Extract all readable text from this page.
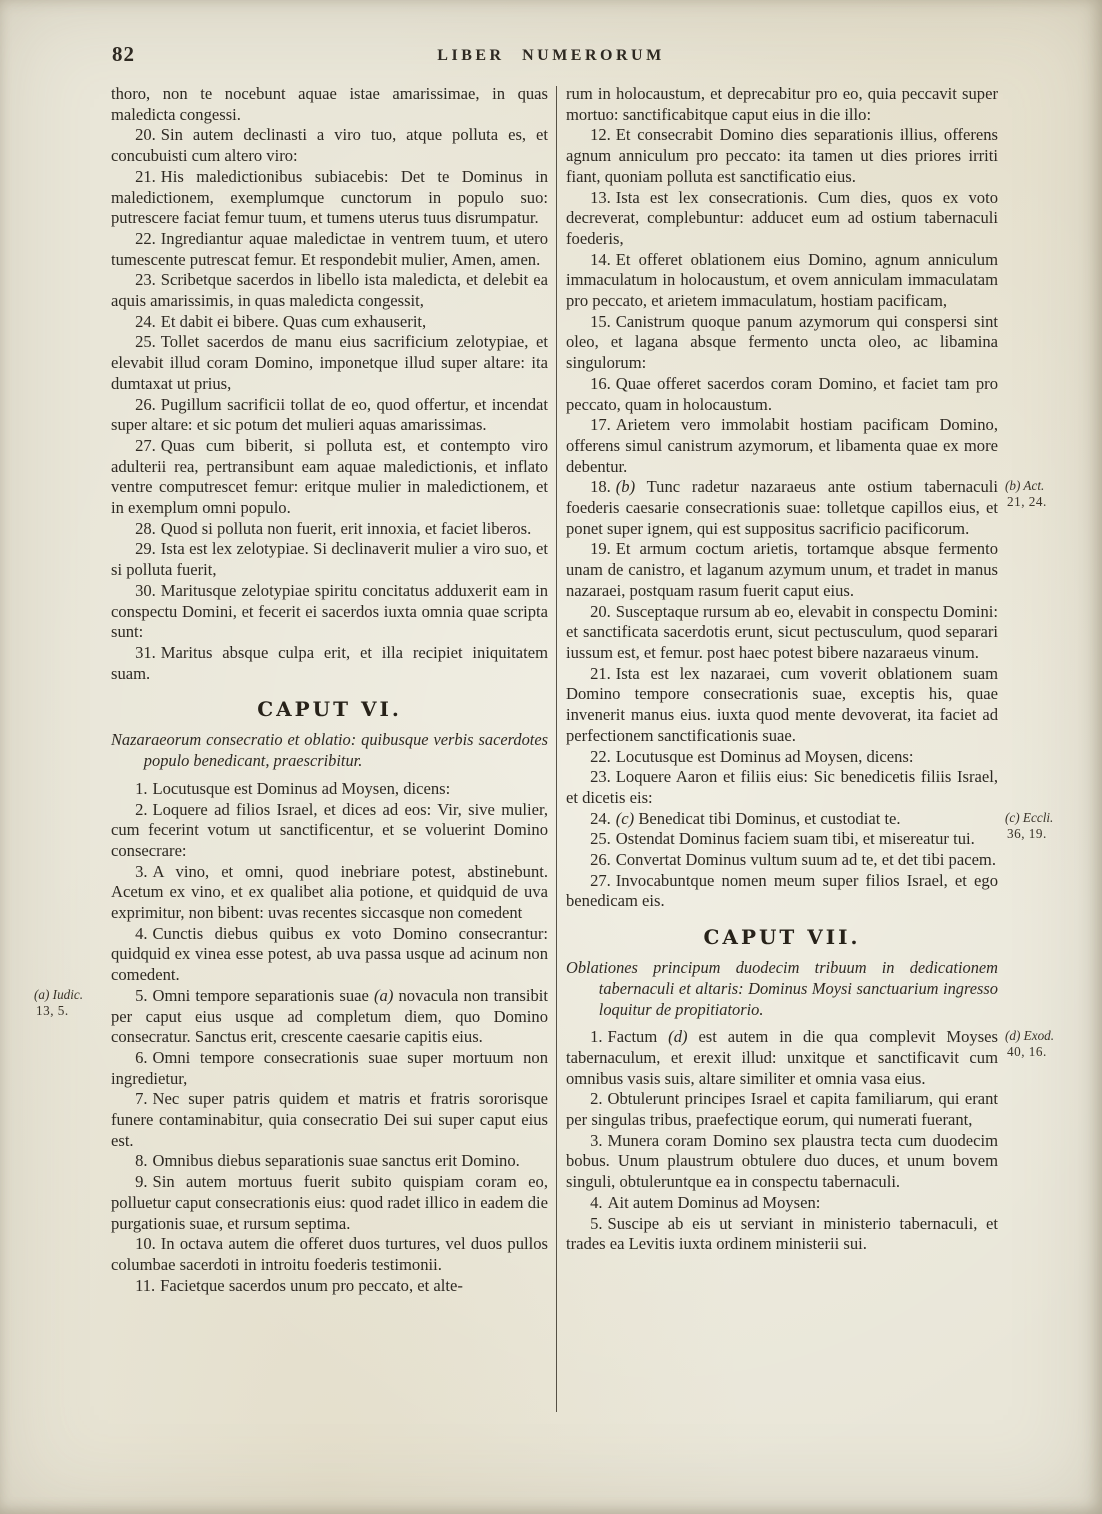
82	LIBER NUMERORUM

thoro, non te nocebunt aquae istae amarissimae, in quas maledicta congessi.

20. Sin autem declinasti a viro tuo, atque polluta es, et concubuisti cum altero viro:

21. His maledictionibus subiacebis: Det te Dominus in maledictionem, exemplumque cunctorum in populo suo: putrescere faciat femur tuum, et tumens uterus tuus disrumpatur.

22. Ingrediantur aquae maledictae in ventrem tuum, et utero tumescente putrescat femur. Et respondebit mulier, Amen, amen.

23. Scribetque sacerdos in libello ista maledicta, et delebit ea aquis amarissimis, in quas maledicta congessit,

24. Et dabit ei bibere. Quas cum exhauserit,

25. Tollet sacerdos de manu eius sacrificium zelotypiae, et elevabit illud coram Domino, imponetque illud super altare: ita dumtaxat ut prius,

26. Pugillum sacrificii tollat de eo, quod offertur, et incendat super altare: et sic potum det mulieri aquas amarissimas.

27. Quas cum biberit, si polluta est, et contempto viro adulterii rea, pertransibunt eam aquae maledictionis, et inflato ventre computrescet femur: eritque mulier in maledictionem, et in exemplum omni populo.

28. Quod si polluta non fuerit, erit innoxia, et faciet liberos.

29. Ista est lex zelotypiae. Si declinaverit mulier a viro suo, et si polluta fuerit,

30. Maritusque zelotypiae spiritu concitatus adduxerit eam in conspectu Domini, et fecerit ei sacerdos iuxta omnia quae scripta sunt:

31. Maritus absque culpa erit, et illa recipiet iniquitatem suam.

CAPUT VI.

Nazaraeorum consecratio et oblatio: quibusque verbis sacerdotes populo benedicant, praescribitur.

1. Locutusque est Dominus ad Moysen, dicens:

2. Loquere ad filios Israel, et dices ad eos: Vir, sive mulier, cum fecerint votum ut sanctificentur, et se voluerint Domino consecrare:

3. A vino, et omni, quod inebriare potest, abstinebunt. Acetum ex vino, et ex qualibet alia potione, et quidquid de uva exprimitur, non bibent: uvas recentes siccasque non comedent

4. Cunctis diebus quibus ex voto Domino consecrantur: quidquid ex vinea esse potest, ab uva passa usque ad acinum non comedent.

5. Omni tempore separationis suae (a) novacula non transibit per caput eius usque ad completum diem, quo Domino consecratur. Sanctus erit, crescente caesarie capitis eius.
(a) Iudic.
13, 5.

6. Omni tempore consecrationis suae super mortuum non ingredietur,

7. Nec super patris quidem et matris et fratris sororisque funere contaminabitur, quia consecratio Dei sui super caput eius est.

8. Omnibus diebus separationis suae sanctus erit Domino.

9. Sin autem mortuus fuerit subito quispiam coram eo, polluetur caput consecrationis eius: quod radet illico in eadem die purgationis suae, et rursum septima.

10. In octava autem die offeret duos turtures, vel duos pullos columbae sacerdoti in introitu foederis testimonii.

11. Facietque sacerdos unum pro peccato, et alte-

rum in holocaustum, et deprecabitur pro eo, quia peccavit super mortuo: sanctificabitque caput eius in die illo:

12. Et consecrabit Domino dies separationis illius, offerens agnum anniculum pro peccato: ita tamen ut dies priores irriti fiant, quoniam polluta est sanctificatio eius.

13. Ista est lex consecrationis. Cum dies, quos ex voto decreverat, complebuntur: adducet eum ad ostium tabernaculi foederis,

14. Et offeret oblationem eius Domino, agnum anniculum immaculatum in holocaustum, et ovem anniculam immaculatam pro peccato, et arietem immaculatum, hostiam pacificam,

15. Canistrum quoque panum azymorum qui conspersi sint oleo, et lagana absque fermento uncta oleo, ac libamina singulorum:

16. Quae offeret sacerdos coram Domino, et faciet tam pro peccato, quam in holocaustum.

17. Arietem vero immolabit hostiam pacificam Domino, offerens simul canistrum azymorum, et libamenta quae ex more debentur.

18. (b) Tunc radetur nazaraeus ante ostium tabernaculi foederis caesarie consecrationis suae: tolletque capillos eius, et ponet super ignem, qui est suppositus sacrificio pacificorum.
(b) Act.
21, 24.

19. Et armum coctum arietis, tortamque absque fermento unam de canistro, et laganum azymum unum, et tradet in manus nazaraei, postquam rasum fuerit caput eius.

20. Susceptaque rursum ab eo, elevabit in conspectu Domini: et sanctificata sacerdotis erunt, sicut pectusculum, quod separari iussum est, et femur. post haec potest bibere nazaraeus vinum.

21. Ista est lex nazaraei, cum voverit oblationem suam Domino tempore consecrationis suae, exceptis his, quae invenerit manus eius. iuxta quod mente devoverat, ita faciet ad perfectionem sanctificationis suae.

22. Locutusque est Dominus ad Moysen, dicens:

23. Loquere Aaron et filiis eius: Sic benedicetis filiis Israel, et dicetis eis:

24. (c) Benedicat tibi Dominus, et custodiat te.	(c) Eccli.
36, 19.

25. Ostendat Dominus faciem suam tibi, et misereatur tui.

26. Convertat Dominus vultum suum ad te, et det tibi pacem.

27. Invocabuntque nomen meum super filios Israel, et ego benedicam eis.

CAPUT VII.

Oblationes principum duodecim tribuum in dedicationem tabernaculi et altaris: Dominus Moysi sanctuarium ingresso loquitur de propitiatorio.

1. Factum (d) est autem in die qua complevit Moyses tabernaculum, et erexit illud: unxitque et sanctificavit cum omnibus vasis suis, altare similiter et omnia vasa eius.
(d) Exod.
40, 16.

2. Obtulerunt principes Israel et capita familiarum, qui erant per singulas tribus, praefectique eorum, qui numerati fuerant,

3. Munera coram Domino sex plaustra tecta cum duodecim bobus. Unum plaustrum obtulere duo duces, et unum bovem singuli, obtuleruntque ea in conspectu tabernaculi.

4. Ait autem Dominus ad Moysen:

5. Suscipe ab eis ut serviant in ministerio tabernaculi, et trades ea Levitis iuxta ordinem ministerii sui.
